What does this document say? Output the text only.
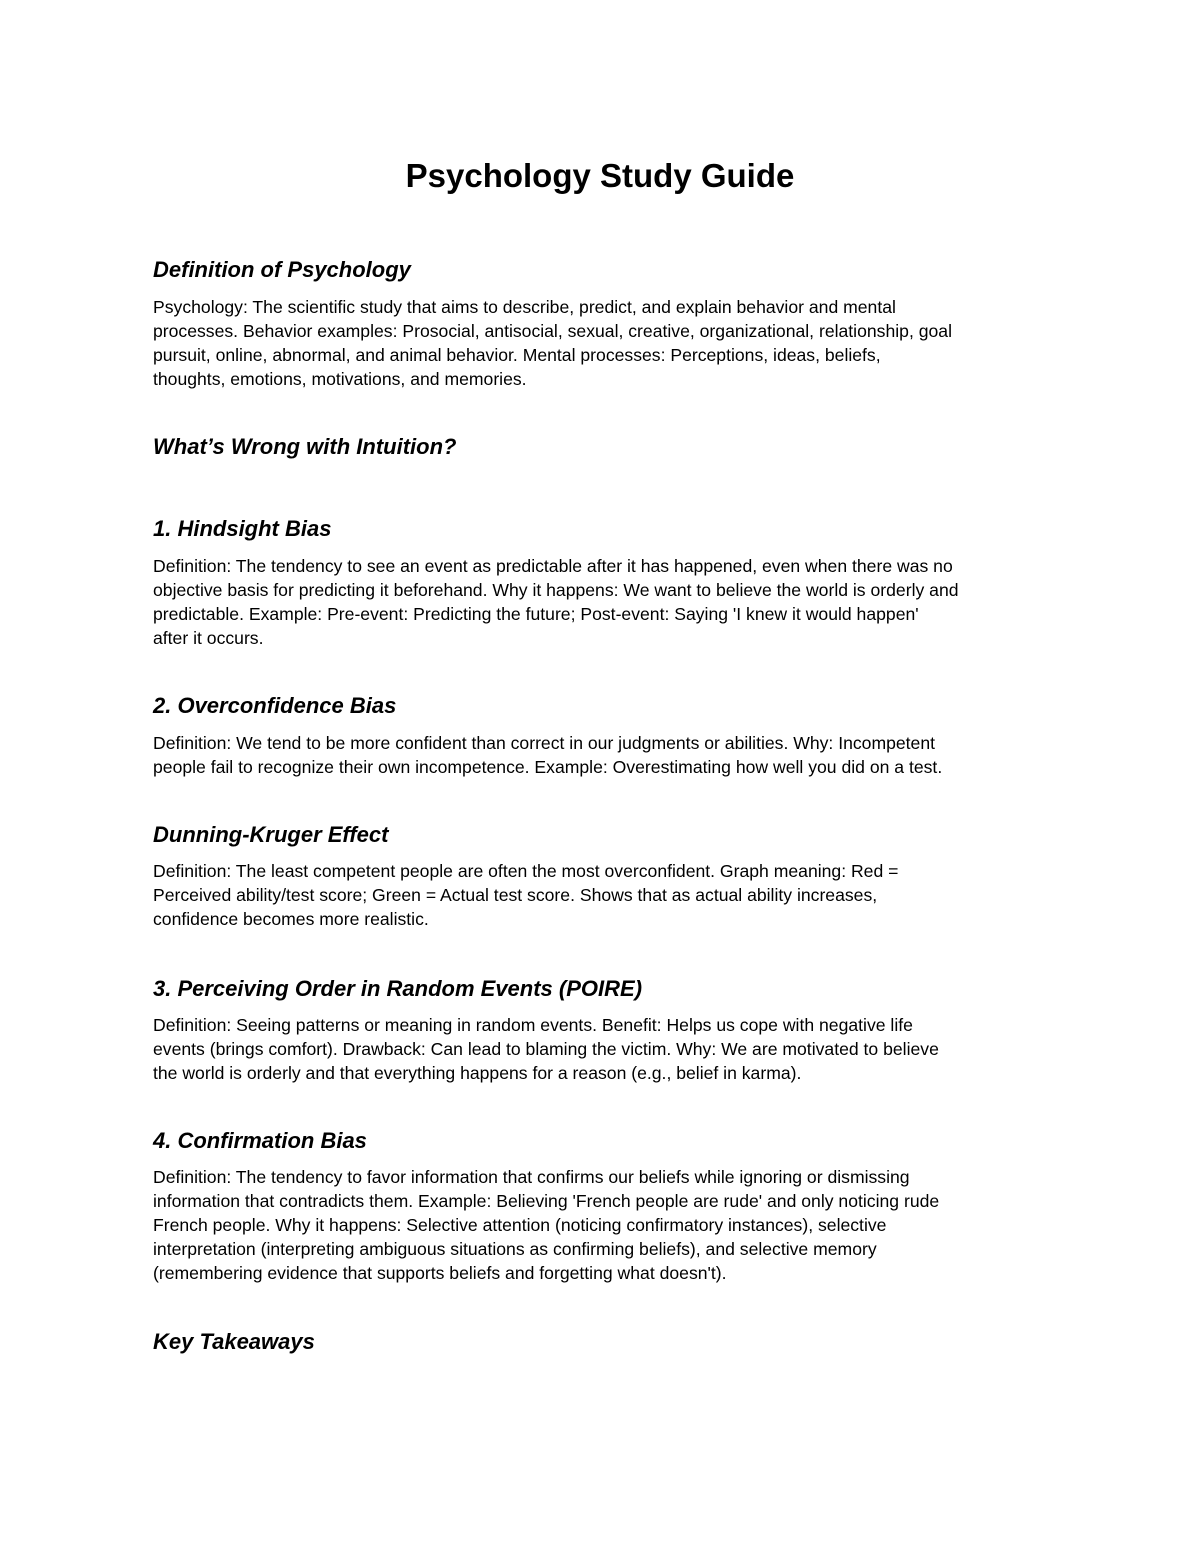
Psychology Study Guide
Definition of Psychology
Psychology: The scientific study that aims to describe, predict, and explain behavior and mental
processes. Behavior examples: Prosocial, antisocial, sexual, creative, organizational, relationship, goal
pursuit, online, abnormal, and animal behavior. Mental processes: Perceptions, ideas, beliefs,
thoughts, emotions, motivations, and memories.
What’s Wrong with Intuition?
1. Hindsight Bias
Definition: The tendency to see an event as predictable after it has happened, even when there was no
objective basis for predicting it beforehand. Why it happens: We want to believe the world is orderly and
predictable. Example: Pre-event: Predicting the future; Post-event: Saying 'I knew it would happen'
after it occurs.
2. Overconfidence Bias
Definition: We tend to be more confident than correct in our judgments or abilities. Why: Incompetent
people fail to recognize their own incompetence. Example: Overestimating how well you did on a test.
Dunning-Kruger Effect
Definition: The least competent people are often the most overconfident. Graph meaning: Red =
Perceived ability/test score; Green = Actual test score. Shows that as actual ability increases,
confidence becomes more realistic.
3. Perceiving Order in Random Events (POIRE)
Definition: Seeing patterns or meaning in random events. Benefit: Helps us cope with negative life
events (brings comfort). Drawback: Can lead to blaming the victim. Why: We are motivated to believe
the world is orderly and that everything happens for a reason (e.g., belief in karma).
4. Confirmation Bias
Definition: The tendency to favor information that confirms our beliefs while ignoring or dismissing
information that contradicts them. Example: Believing 'French people are rude' and only noticing rude
French people. Why it happens: Selective attention (noticing confirmatory instances), selective
interpretation (interpreting ambiguous situations as confirming beliefs), and selective memory
(remembering evidence that supports beliefs and forgetting what doesn't).
Key Takeaways
